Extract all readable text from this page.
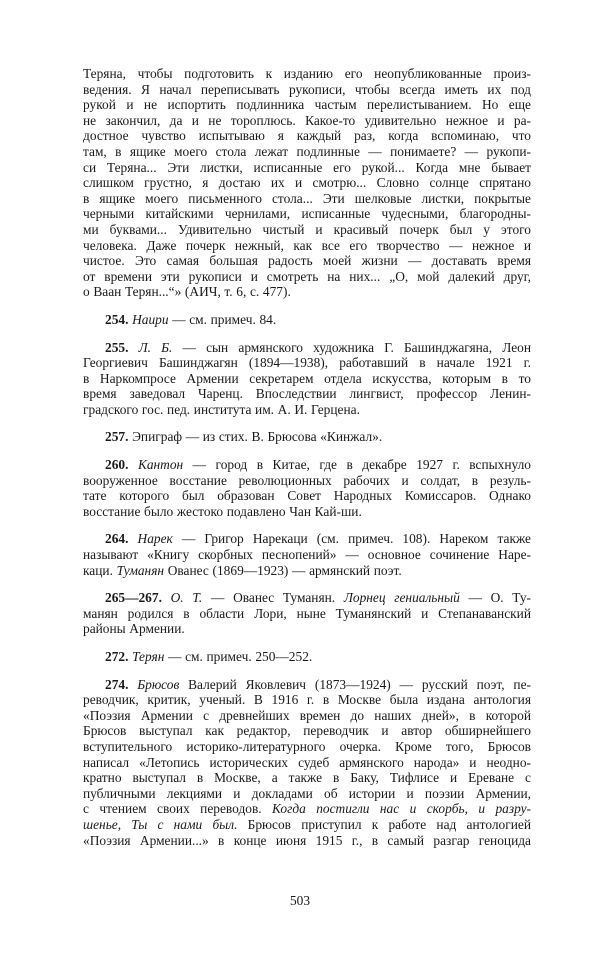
Теряна, чтобы подготовить к изданию его неопубликованные произ-
ведения. Я начал переписывать рукописи, чтобы всегда иметь их под
рукой и не испортить подлинника частым перелистыванием. Но еще
не закончил, да и не тороплюсь. Какое-то удивительно нежное и ра-
достное чувство испытываю я каждый раз, когда вспоминаю, что
там, в ящике моего стола лежат подлинные — понимаете? — рукопи-
си Теряна... Эти листки, исписанные его рукой... Когда мне бывает
слишком грустно, я достаю их и смотрю... Словно солнце спрятано
в ящике моего письменного стола... Эти шелковые листки, покрытые
черными китайскими чернилами, исписанные чудесными, благородны-
ми буквами... Удивительно чистый и красивый почерк был у этого
человека. Даже почерк нежный, как все его творчество — нежное и
чистое. Это самая большая радость моей жизни — доставать время
от времени эти рукописи и смотреть на них... „О, мой далекий друг,
о Ваан Терян...“» (АИЧ, т. 6, с. 477).
254. Наири — см. примеч. 84.
255. Л. Б. — сын армянского художника Г. Башинджагяна, Леон
Георгиевич Башинджагян (1894—1938), работавший в начале 1921 г.
в Наркомпросе Армении секретарем отдела искусства, которым в то
время заведовал Чаренц. Впоследствии лингвист, профессор Ленин-
градского гос. пед. института им. А. И. Герцена.
257. Эпиграф — из стих. В. Брюсова «Кинжал».
260. Кантон — город в Китае, где в декабре 1927 г. вспыхнуло
вооруженное восстание революционных рабочих и солдат, в резуль-
тате которого был образован Совет Народных Комиссаров. Однако
восстание было жестоко подавлено Чан Кай-ши.
264. Нарек — Григор Нарекаци (см. примеч. 108). Нареком также
называют «Книгу скорбных песнопений» — основное сочинение Наре-
каци. Туманян Ованес (1869—1923) — армянский поэт.
265—267. О. Т. — Ованес Туманян. Лорнец гениальный — О. Ту-
манян родился в области Лори, ныне Туманянский и Степанаванский
районы Армении.
272. Терян — см. примеч. 250—252.
274. Брюсов Валерий Яковлевич (1873—1924) — русский поэт, пе-
реводчик, критик, ученый. В 1916 г. в Москве была издана антология
«Поэзия Армении с древнейших времен до наших дней», в которой
Брюсов выступал как редактор, переводчик и автор обширнейшего
вступительного историко-литературного очерка. Кроме того, Брюсов
написал «Летопись исторических судеб армянского народа» и неодно-
кратно выступал в Москве, а также в Баку, Тифлисе и Ереване с
публичными лекциями и докладами об истории и поэзии Армении,
с чтением своих переводов. Когда постигли нас и скорбь, и разру-
шенье, Ты с нами был. Брюсов приступил к работе над антологией
«Поэзия Армении...» в конце июня 1915 г., в самый разгар геноцида
503
